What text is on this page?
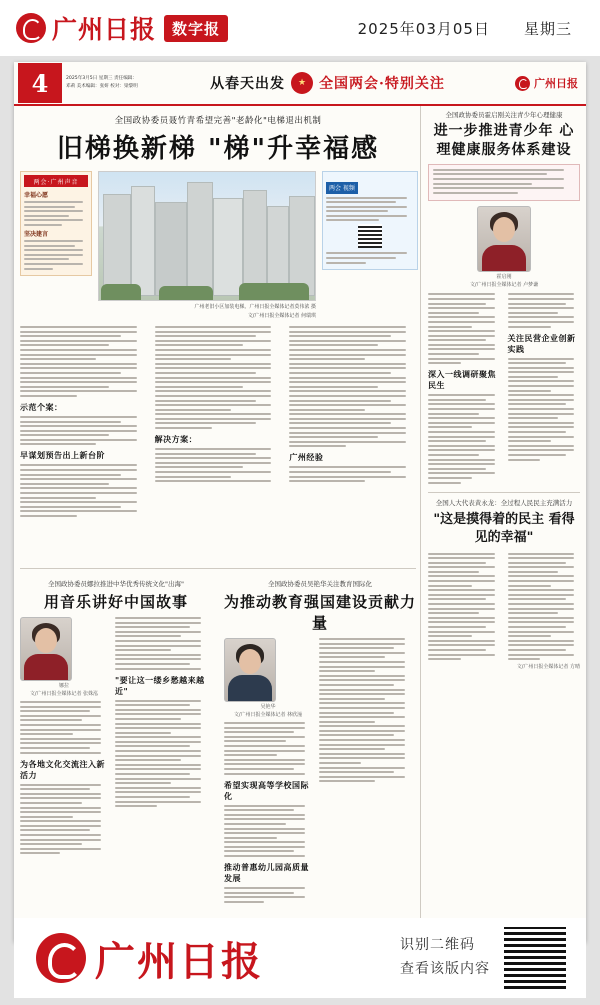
广州日报	数字报	2025年03月05日 星期三
4	2025年3月5日 星期三 责任编辑：邓莉 美术编辑：张妍 校对：梁黎明	从春天出发	★ 全国两会·特别关注	广州日报
全国政协委员聂竹青希望完善"老龄化"电梯退出机制
旧梯换新梯 "梯"升幸福感
两会·广州声音
幸福心愿
坚决建言
广州老旧小区加装电梯。广州日报全媒体记者莫伟浓 摄
文/广州日报全媒体记者 何瑞琪
两会 视频
示范个案：
早谋划预告出上新台阶
解决方案：
广州经验
全国政协委员娜拉推进中华优秀传统文化"出海"
用音乐讲好中国故事
娜拉
文/广州日报全媒体记者 张姝泓
为各地文化交流注入新活力
"要让这一缕乡愁越来越近"
全国政协委员吴艳华关注教育国际化
为推动教育强国建设贡献力量
吴艳华
文/广州日报全媒体记者 林欣潼
希望实现高等学校国际化
推动普惠幼儿园高质量发展
全国政协委员霍启刚关注青少年心理健康
进一步推进青少年 心理健康服务体系建设
霍启刚
文/广州日报全媒体记者 卢梦谦
深入一线调研聚焦民生
关注民营企业创新实践
全国人大代表黄永龙：全过程人民民主充满活力
"这是摸得着的民主 看得见的幸福"
文/广州日报全媒体记者 方晴
广州日报	识别二维码
查看该版内容
